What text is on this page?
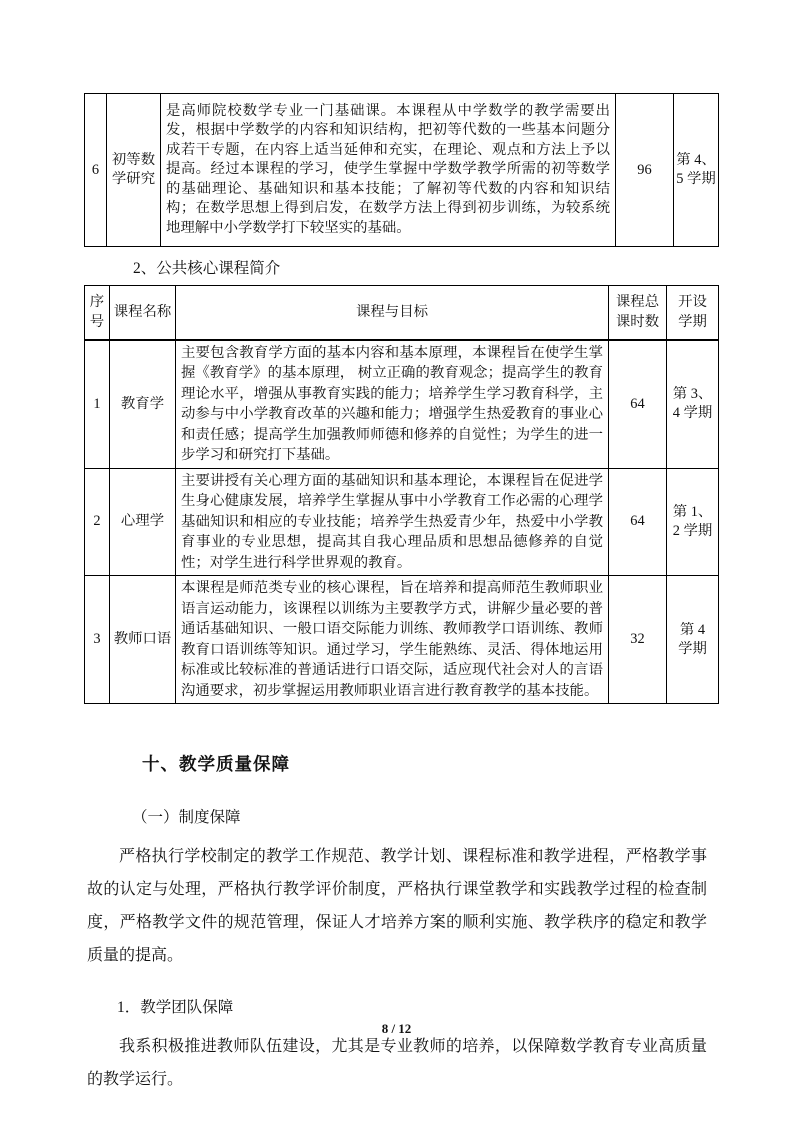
6	初等数学研究	是高师院校数学专业一门基础课。本课程从中学数学的教学需要出发，根据中学数学的内容和知识结构，把初等代数的一些基本问题分成若干专题，在内容上适当延伸和充实，在理论、观点和方法上予以提高。经过本课程的学习，使学生掌握中学数学教学所需的初等数学的基础理论、基础知识和基本技能；了解初等代数的内容和知识结构；在数学思想上得到启发，在数学方法上得到初步训练，为较系统地理解中小学数学打下较坚实的基础。	96	第 4、5 学期
2、公共核心课程简介
序号	课程名称	课程与目标	课程总课时数	开设学期
1	教育学	主要包含教育学方面的基本内容和基本原理，本课程旨在使学生掌握《教育学》的基本原理， 树立正确的教育观念；提高学生的教育理论水平，增强从事教育实践的能力；培养学生学习教育科学，主动参与中小学教育改革的兴趣和能力；增强学生热爱教育的事业心和责任感；提高学生加强教师师德和修养的自觉性；为学生的进一步学习和研究打下基础。	64	第 3、4 学期
2	心理学	主要讲授有关心理方面的基础知识和基本理论，本课程旨在促进学生身心健康发展，培养学生掌握从事中小学教育工作必需的心理学基础知识和相应的专业技能；培养学生热爱青少年，热爱中小学教育事业的专业思想，提高其自我心理品质和思想品德修养的自觉性；对学生进行科学世界观的教育。	64	第 1、2 学期
3	教师口语	本课程是师范类专业的核心课程，旨在培养和提高师范生教师职业语言运动能力，该课程以训练为主要教学方式，讲解少量必要的普通话基础知识、一般口语交际能力训练、教师教学口语训练、教师教育口语训练等知识。通过学习，学生能熟练、灵活、得体地运用标准或比较标准的普通话进行口语交际，适应现代社会对人的言语沟通要求，初步掌握运用教师职业语言进行教育教学的基本技能。	32	第 4 学期
十、教学质量保障
（一）制度保障

严格执行学校制定的教学工作规范、教学计划、课程标准和教学进程，严格教学事故的认定与处理，严格执行教学评价制度，严格执行课堂教学和实践教学过程的检查制度，严格教学文件的规范管理，保证人才培养方案的顺利实施、教学秩序的稳定和教学质量的提高。

1．教学团队保障

我系积极推进教师队伍建设，尤其是专业教师的培养，以保障数学教育专业高质量的教学运行。

8 / 12
